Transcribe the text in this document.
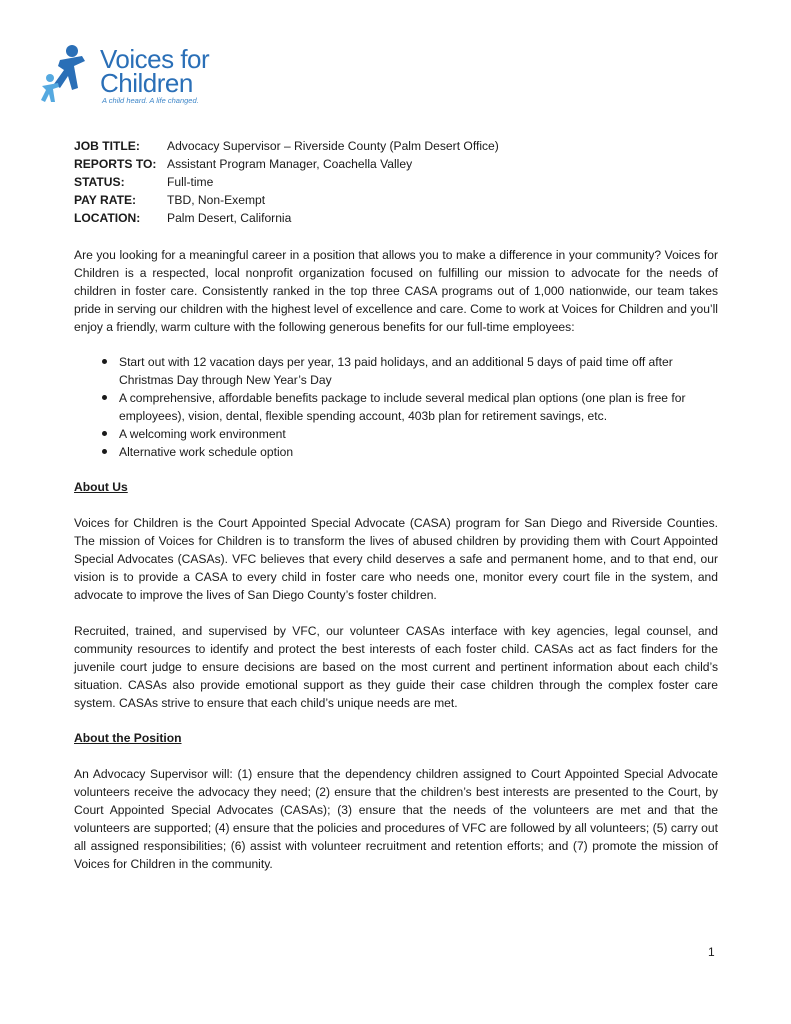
Voices for
Children
A child heard. A life changed.
JOB TITLE:	Advocacy Supervisor – Riverside County (Palm Desert Office)
REPORTS TO:	Assistant Program Manager, Coachella Valley
STATUS:	Full-time
PAY RATE:	TBD, Non-Exempt
LOCATION:	Palm Desert, California

Are you looking for a meaningful career in a position that allows you to make a difference in your community? Voices for Children is a respected, local nonprofit organization focused on fulfilling our mission to advocate for the needs of children in foster care. Consistently ranked in the top three CASA programs out of 1,000 nationwide, our team takes pride in serving our children with the highest level of excellence and care. Come to work at Voices for Children and you’ll enjoy a friendly, warm culture with the following generous benefits for our full-time employees:

Start out with 12 vacation days per year, 13 paid holidays, and an additional 5 days of paid time off after Christmas Day through New Year’s Day
A comprehensive, affordable benefits package to include several medical plan options (one plan is free for employees), vision, dental, flexible spending account, 403b plan for retirement savings, etc.
A welcoming work environment
Alternative work schedule option
About Us

Voices for Children is the Court Appointed Special Advocate (CASA) program for San Diego and Riverside Counties. The mission of Voices for Children is to transform the lives of abused children by providing them with Court Appointed Special Advocates (CASAs). VFC believes that every child deserves a safe and permanent home, and to that end, our vision is to provide a CASA to every child in foster care who needs one, monitor every court file in the system, and advocate to improve the lives of San Diego County’s foster children.

Recruited, trained, and supervised by VFC, our volunteer CASAs interface with key agencies, legal counsel, and community resources to identify and protect the best interests of each foster child. CASAs act as fact finders for the juvenile court judge to ensure decisions are based on the most current and pertinent information about each child’s situation. CASAs also provide emotional support as they guide their case children through the complex foster care system. CASAs strive to ensure that each child’s unique needs are met.

About the Position

An Advocacy Supervisor will: (1) ensure that the dependency children assigned to Court Appointed Special Advocate volunteers receive the advocacy they need; (2) ensure that the children’s best interests are presented to the Court, by Court Appointed Special Advocates (CASAs); (3) ensure that the needs of the volunteers are met and that the volunteers are supported; (4) ensure that the policies and procedures of VFC are followed by all volunteers; (5) carry out all assigned responsibilities; (6) assist with volunteer recruitment and retention efforts; and (7) promote the mission of Voices for Children in the community.

1
